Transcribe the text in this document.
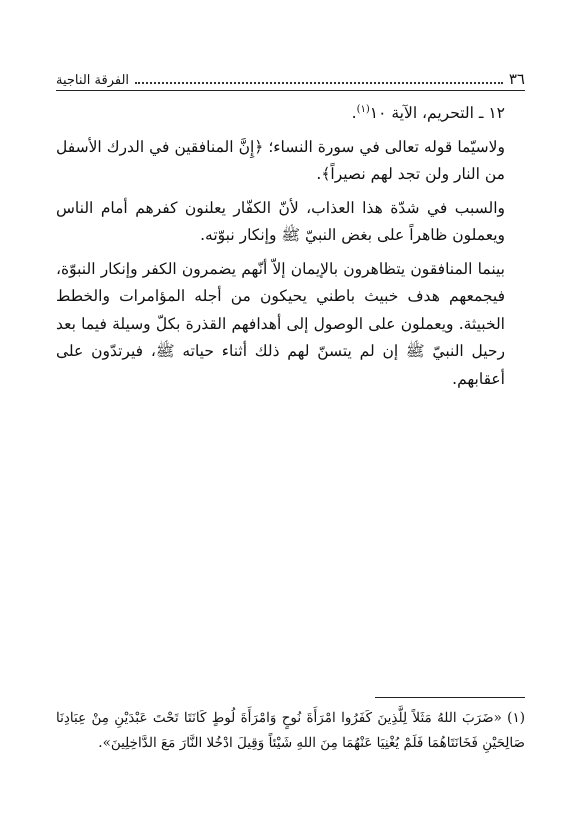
٣٦
الفرقة الناجية

١٢ ـ التحريم، الآية ١٠$^{(١)}$.

ولاسيّما قوله تعالى في سورة النساء؛ ﴿إِنَّ المنافقين في الدرك الأسفل من النار ولن تجد لهم نصيراً﴾.

والسبب في شدّة هذا العذاب، لأنّ الكفّار يعلنون كفرهم أمام الناس ويعملون ظاهراً على بغض النبيّ ﷺ وإنكار نبوّته.

بينما المنافقون يتظاهرون بالإيمان إلاّ أنّهم يضمرون الكفر وإنكار النبوّة، فيجمعهم هدف خبيث باطني يحيكون من أجله المؤامرات والخطط الخبيثة. ويعملون على الوصول إلى أهدافهم القذرة بكلّ وسيلة فيما بعد رحيل النبيّ ﷺ إن لم يتسنّ لهم ذلك أثناء حياته ﷺ، فيرتدّون على أعقابهم.

(١) «ضَرَبَ اللهُ مَثَلاً لِلَّذِينَ كَفَرُوا امْرَأَةَ نُوحٍ وَامْرَأَةَ لُوطٍ كَانَتَا تَحْتَ عَبْدَيْنِ مِنْ عِبَادِنَا صَالِحَيْنِ فَخَانَتَاهُمَا فَلَمْ يُغْنِيَا عَنْهُمَا مِنَ اللهِ شَيْئاً وَقِيلَ ادْخُلا النَّارَ مَعَ الدَّاخِلِينَ».
